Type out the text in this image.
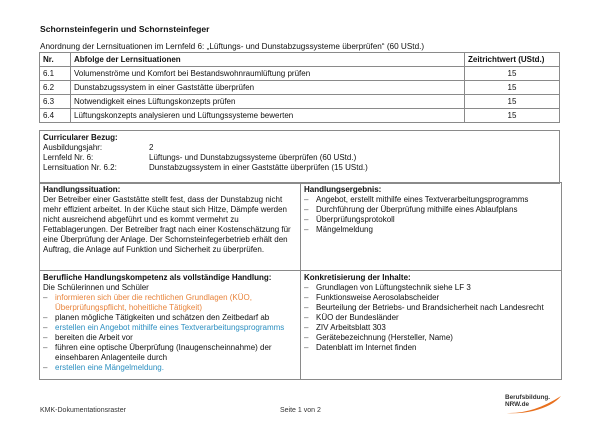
Schornsteinfegerin und Schornsteinfeger
Anordnung der Lernsituationen im Lernfeld 6: „Lüftungs- und Dunstabzugssysteme überprüfen“ (60 UStd.)
Nr.	Abfolge der Lernsituationen	Zeitrichtwert (UStd.)
6.1	Volumenströme und Komfort bei Bestandswohnraumlüftung prüfen	15
6.2	Dunstabzugssystem in einer Gaststätte überprüfen	15
6.3	Notwendigkeit eines Lüftungskonzepts prüfen	15
6.4	Lüftungskonzepts analysieren und Lüftungssysteme bewerten	15
Curricularer Bezug:
Ausbildungsjahr:	2
Lernfeld Nr. 6:	Lüftungs- und Dunstabzugssysteme überprüfen (60 UStd.)
Lernsituation Nr. 6.2:	Dunstabzugssystem in einer Gaststätte überprüfen (15 UStd.)
Handlungssituation:
Der Betreiber einer Gaststätte stellt fest, dass der Dunstabzug nicht mehr effizient arbeitet. In der Küche staut sich Hitze, Dämpfe werden nicht ausreichend abgeführt und es kommt vermehrt zu Fettablagerungen. Der Betreiber fragt nach einer Kostenschätzung für eine Überprüfung der Anlage. Der Schornsteinfegerbetrieb erhält den Auftrag, die Anlage auf Funktion und Sicherheit zu überprüfen.
Handlungsergebnis:
– Angebot, erstellt mithilfe eines Textverarbeitungsprogramms
– Durchführung der Überprüfung mithilfe eines Ablaufplans
– Überprüfungsprotokoll
– Mängelmeldung
Berufliche Handlungskompetenz als vollständige Handlung:
Die Schülerinnen und Schüler
– informieren sich über die rechtlichen Grundlagen (KÜO, Überprüfungspflicht, hoheitliche Tätigkeit)
– planen mögliche Tätigkeiten und schätzen den Zeitbedarf ab
– erstellen ein Angebot mithilfe eines Textverarbeitungsprogramms
– bereiten die Arbeit vor
– führen eine optische Überprüfung (Inaugenscheinnahme) der einsehbaren Anlagenteile durch
– erstellen eine Mängelmeldung.
Konkretisierung der Inhalte:
– Grundlagen von Lüftungstechnik siehe LF 3
– Funktionsweise Aerosolabscheider
– Beurteilung der Betriebs- und Brandsicherheit nach Landesrecht
– KÜO der Bundesländer
– ZIV Arbeitsblatt 303
– Gerätebezeichnung (Hersteller, Name)
– Datenblatt im Internet finden
KMK-Dokumentationsraster	Seite 1 von 2
Berufsbildung.
NRW.de
